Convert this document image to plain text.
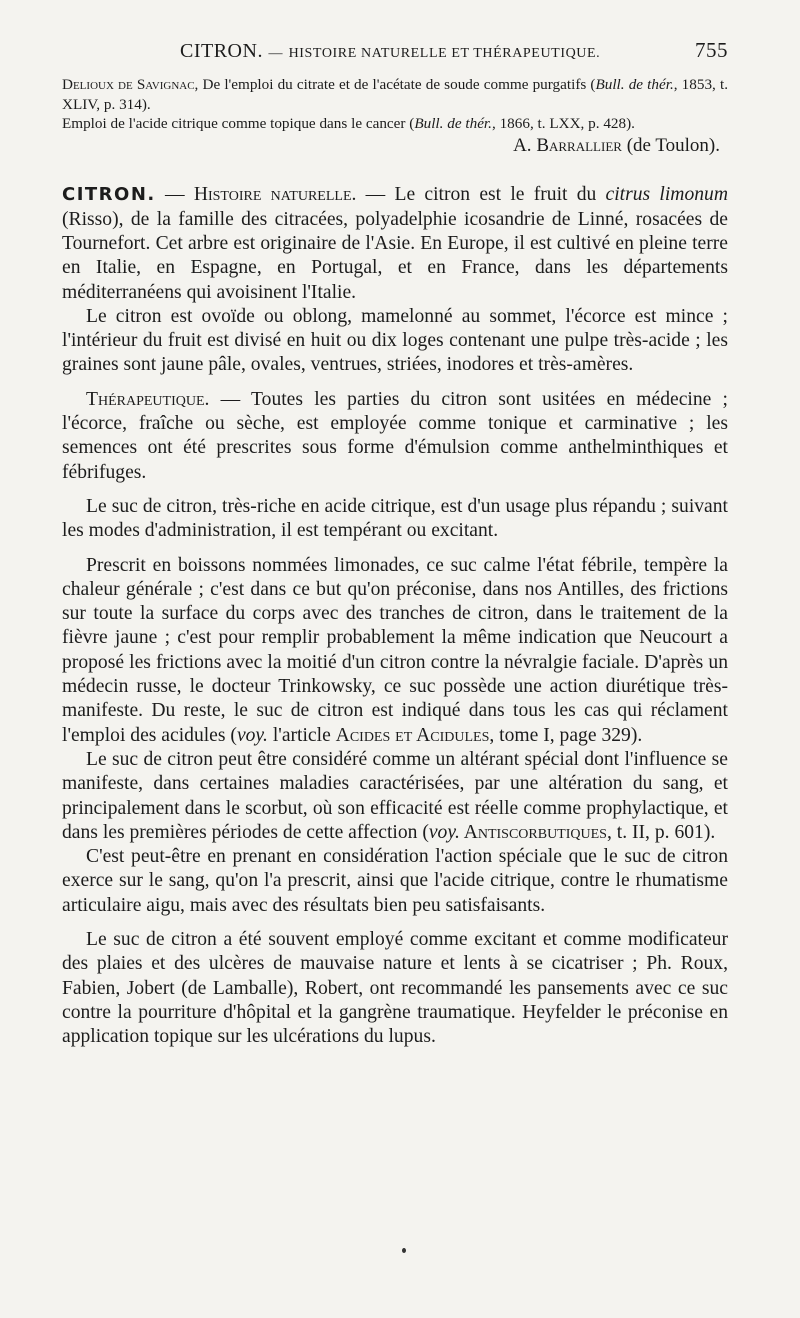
CITRON. — HISTOIRE NATURELLE ET THÉRAPEUTIQUE.	755

Delioux de Savignac, De l'emploi du citrate et de l'acétate de soude comme purgatifs (Bull. de thér., 1853, t. XLIV, p. 314).

Emploi de l'acide citrique comme topique dans le cancer (Bull. de thér., 1866, t. LXX, p. 428).

A. Barrallier (de Toulon).

CITRON. — Histoire naturelle. — Le citron est le fruit du citrus limonum (Risso), de la famille des citracées, polyadelphie icosandrie de Linné, rosacées de Tournefort. Cet arbre est originaire de l'Asie. En Europe, il est cultivé en pleine terre en Italie, en Espagne, en Portugal, et en France, dans les départements méditerranéens qui avoisinent l'Italie.

Le citron est ovoïde ou oblong, mamelonné au sommet, l'écorce est mince ; l'intérieur du fruit est divisé en huit ou dix loges contenant une pulpe très-acide ; les graines sont jaune pâle, ovales, ventrues, striées, inodores et très-amères.

Thérapeutique. — Toutes les parties du citron sont usitées en médecine ; l'écorce, fraîche ou sèche, est employée comme tonique et carminative ; les semences ont été prescrites sous forme d'émulsion comme anthelminthiques et fébrifuges.

Le suc de citron, très-riche en acide citrique, est d'un usage plus répandu ; suivant les modes d'administration, il est tempérant ou excitant.

Prescrit en boissons nommées limonades, ce suc calme l'état fébrile, tempère la chaleur générale ; c'est dans ce but qu'on préconise, dans nos Antilles, des frictions sur toute la surface du corps avec des tranches de citron, dans le traitement de la fièvre jaune ; c'est pour remplir probablement la même indication que Neucourt a proposé les frictions avec la moitié d'un citron contre la névralgie faciale. D'après un médecin russe, le docteur Trinkowsky, ce suc possède une action diurétique très-manifeste. Du reste, le suc de citron est indiqué dans tous les cas qui réclament l'emploi des acidules (voy. l'article Acides et Acidules, tome I, page 329).

Le suc de citron peut être considéré comme un altérant spécial dont l'influence se manifeste, dans certaines maladies caractérisées, par une altération du sang, et principalement dans le scorbut, où son efficacité est réelle comme prophylactique, et dans les premières périodes de cette affection (voy. Antiscorbutiques, t. II, p. 601).

C'est peut-être en prenant en considération l'action spéciale que le suc de citron exerce sur le sang, qu'on l'a prescrit, ainsi que l'acide citrique, contre le rhumatisme articulaire aigu, mais avec des résultats bien peu satisfaisants.

Le suc de citron a été souvent employé comme excitant et comme modificateur des plaies et des ulcères de mauvaise nature et lents à se cicatriser ; Ph. Roux, Fabien, Jobert (de Lamballe), Robert, ont recommandé les pansements avec ce suc contre la pourriture d'hôpital et la gangrène traumatique. Heyfelder le préconise en application topique sur les ulcérations du lupus.
